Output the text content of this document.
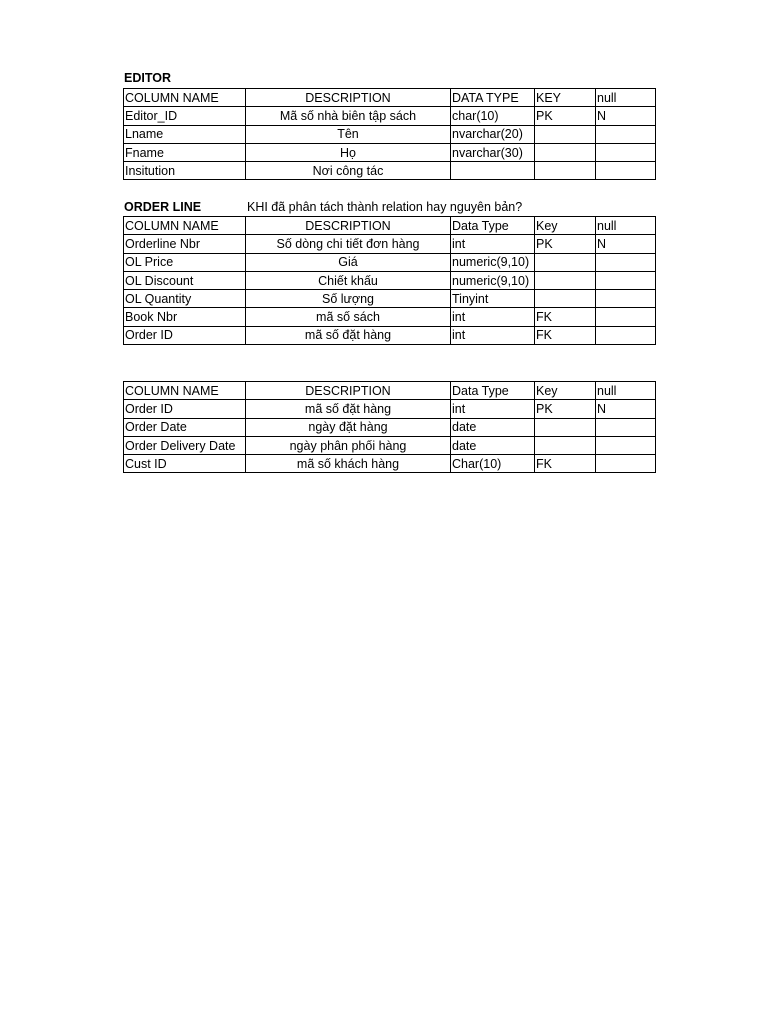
EDITOR
COLUMN NAME	DESCRIPTION	DATA TYPE	KEY	null
Editor_ID	Mã số nhà biên tập sách	char(10)	PK	N
Lname	Tên	nvarchar(20)		
Fname	Họ	nvarchar(30)		
Insitution	Nơi công tác			
ORDER LINE	KHI đã phân tách thành relation hay nguyên bản?
COLUMN NAME	DESCRIPTION	Data Type	Key	null
Orderline Nbr	Số dòng chi tiết đơn hàng	int	PK	N
OL Price	Giá	numeric(9,10)		
OL Discount	Chiết khấu	numeric(9,10)		
OL Quantity	Số lượng	Tinyint		
Book Nbr	mã số sách	int	FK	
Order ID	mã số đặt hàng	int	FK	
COLUMN NAME	DESCRIPTION	Data Type	Key	null
Order ID	mã số đặt hàng	int	PK	N
Order Date	ngày đặt hàng	date		
Order Delivery Date	ngày phân phối hàng	date		
Cust ID	mã số khách hàng	Char(10)	FK	
